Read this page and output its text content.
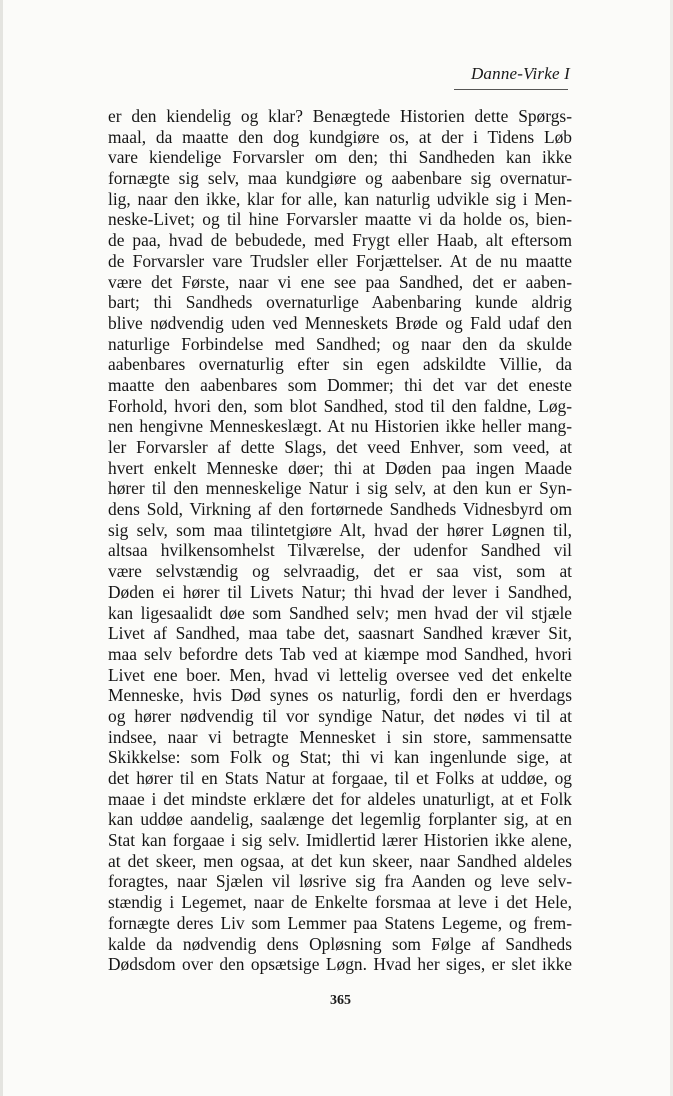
Danne-Virke I
er den kiendelig og klar? Benægtede Historien dette Spørgs-
maal, da maatte den dog kundgiøre os, at der i Tidens Løb
vare kiendelige Forvarsler om den; thi Sandheden kan ikke
fornægte sig selv, maa kundgiøre og aabenbare sig overnatur-
lig, naar den ikke, klar for alle, kan naturlig udvikle sig i Men-
neske-Livet; og til hine Forvarsler maatte vi da holde os, bien-
de paa, hvad de bebudede, med Frygt eller Haab, alt eftersom
de Forvarsler vare Trudsler eller Forjættelser. At de nu maatte
være det Første, naar vi ene see paa Sandhed, det er aaben-
bart; thi Sandheds overnaturlige Aabenbaring kunde aldrig
blive nødvendig uden ved Menneskets Brøde og Fald udaf den
naturlige Forbindelse med Sandhed; og naar den da skulde
aabenbares overnaturlig efter sin egen adskildte Villie, da
maatte den aabenbares som Dommer; thi det var det eneste
Forhold, hvori den, som blot Sandhed, stod til den faldne, Løg-
nen hengivne Menneskeslægt. At nu Historien ikke heller mang-
ler Forvarsler af dette Slags, det veed Enhver, som veed, at
hvert enkelt Menneske døer; thi at Døden paa ingen Maade
hører til den menneskelige Natur i sig selv, at den kun er Syn-
dens Sold, Virkning af den fortørnede Sandheds Vidnesbyrd om
sig selv, som maa tilintetgiøre Alt, hvad der hører Løgnen til,
altsaa hvilkensomhelst Tilværelse, der udenfor Sandhed vil
være selvstændig og selvraadig, det er saa vist, som at
Døden ei hører til Livets Natur; thi hvad der lever i Sandhed,
kan ligesaalidt døe som Sandhed selv; men hvad der vil stjæle
Livet af Sandhed, maa tabe det, saasnart Sandhed kræver Sit,
maa selv befordre dets Tab ved at kiæmpe mod Sandhed, hvori
Livet ene boer. Men, hvad vi lettelig oversee ved det enkelte
Menneske, hvis Død synes os naturlig, fordi den er hverdags
og hører nødvendig til vor syndige Natur, det nødes vi til at
indsee, naar vi betragte Mennesket i sin store, sammensatte
Skikkelse: som Folk og Stat; thi vi kan ingenlunde sige, at
det hører til en Stats Natur at forgaae, til et Folks at uddøe, og
maae i det mindste erklære det for aldeles unaturligt, at et Folk
kan uddøe aandelig, saalænge det legemlig forplanter sig, at en
Stat kan forgaae i sig selv. Imidlertid lærer Historien ikke alene,
at det skeer, men ogsaa, at det kun skeer, naar Sandhed aldeles
foragtes, naar Sjælen vil løsrive sig fra Aanden og leve selv-
stændig i Legemet, naar de Enkelte forsmaa at leve i det Hele,
fornægte deres Liv som Lemmer paa Statens Legeme, og frem-
kalde da nødvendig dens Opløsning som Følge af Sandheds
Dødsdom over den opsætsige Løgn. Hvad her siges, er slet ikke
365
